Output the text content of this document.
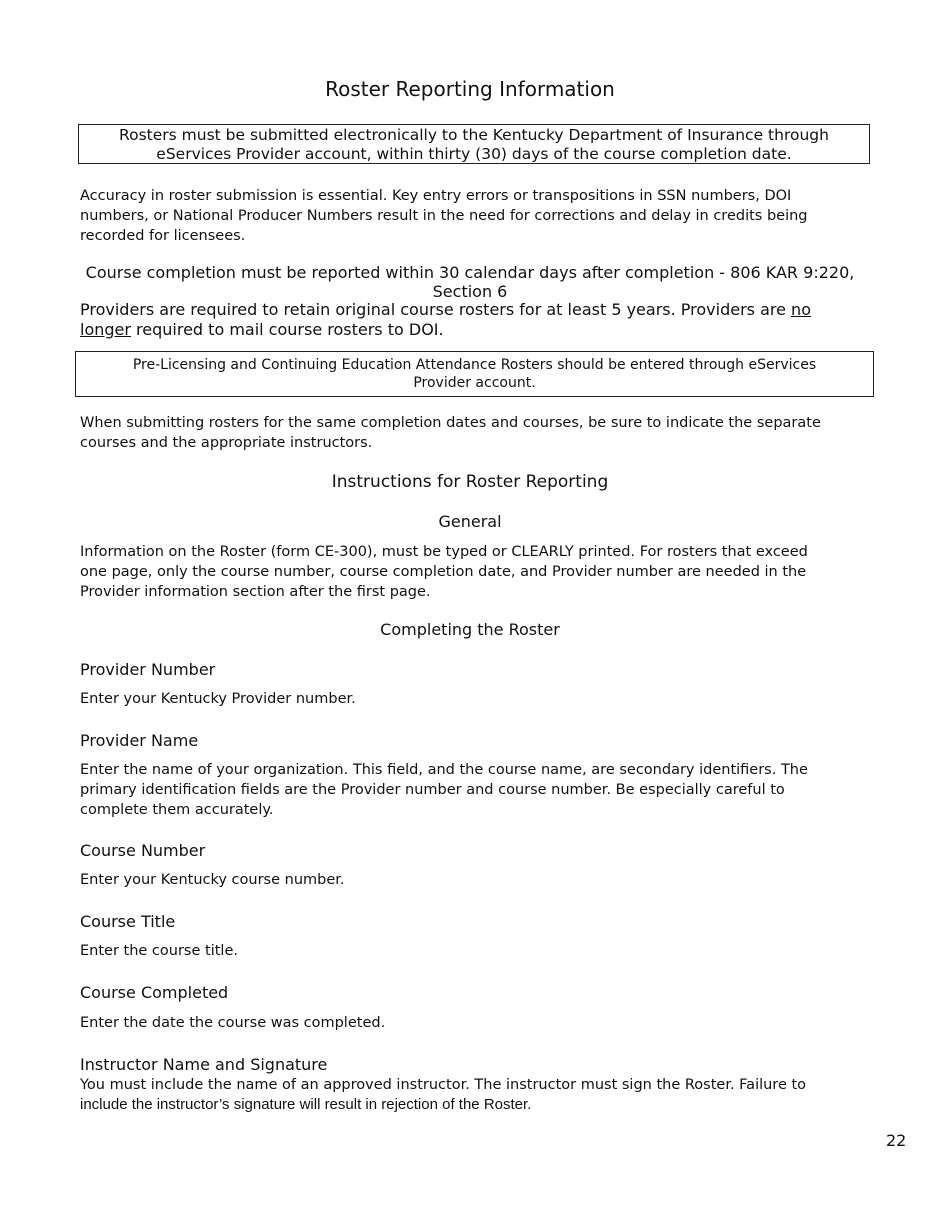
Roster Reporting Information
Rosters must be submitted electronically to the Kentucky Department of Insurance through
eServices Provider account, within thirty (30) days of the course completion date.
Accuracy in roster submission is essential. Key entry errors or transpositions in SSN numbers, DOI
numbers, or National Producer Numbers result in the need for corrections and delay in credits being
recorded for licensees.
Course completion must be reported within 30 calendar days after completion - 806 KAR 9:220,
Section 6
Providers are required to retain original course rosters for at least 5 years. Providers are no
longer required to mail course rosters to DOI.
Pre-Licensing and Continuing Education Attendance Rosters should be entered through eServices
Provider account.
When submitting rosters for the same completion dates and courses, be sure to indicate the separate
courses and the appropriate instructors.
Instructions for Roster Reporting
General
Information on the Roster (form CE-300), must be typed or CLEARLY printed. For rosters that exceed
one page, only the course number, course completion date, and Provider number are needed in the
Provider information section after the first page.
Completing the Roster
Provider Number
Enter your Kentucky Provider number.
Provider Name
Enter the name of your organization. This field, and the course name, are secondary identifiers. The
primary identification fields are the Provider number and course number. Be especially careful to
complete them accurately.
Course Number
Enter your Kentucky course number.
Course Title
Enter the course title.
Course Completed
Enter the date the course was completed.
Instructor Name and Signature
You must include the name of an approved instructor. The instructor must sign the Roster. Failure to
include the instructor’s signature will result in rejection of the Roster.
22
